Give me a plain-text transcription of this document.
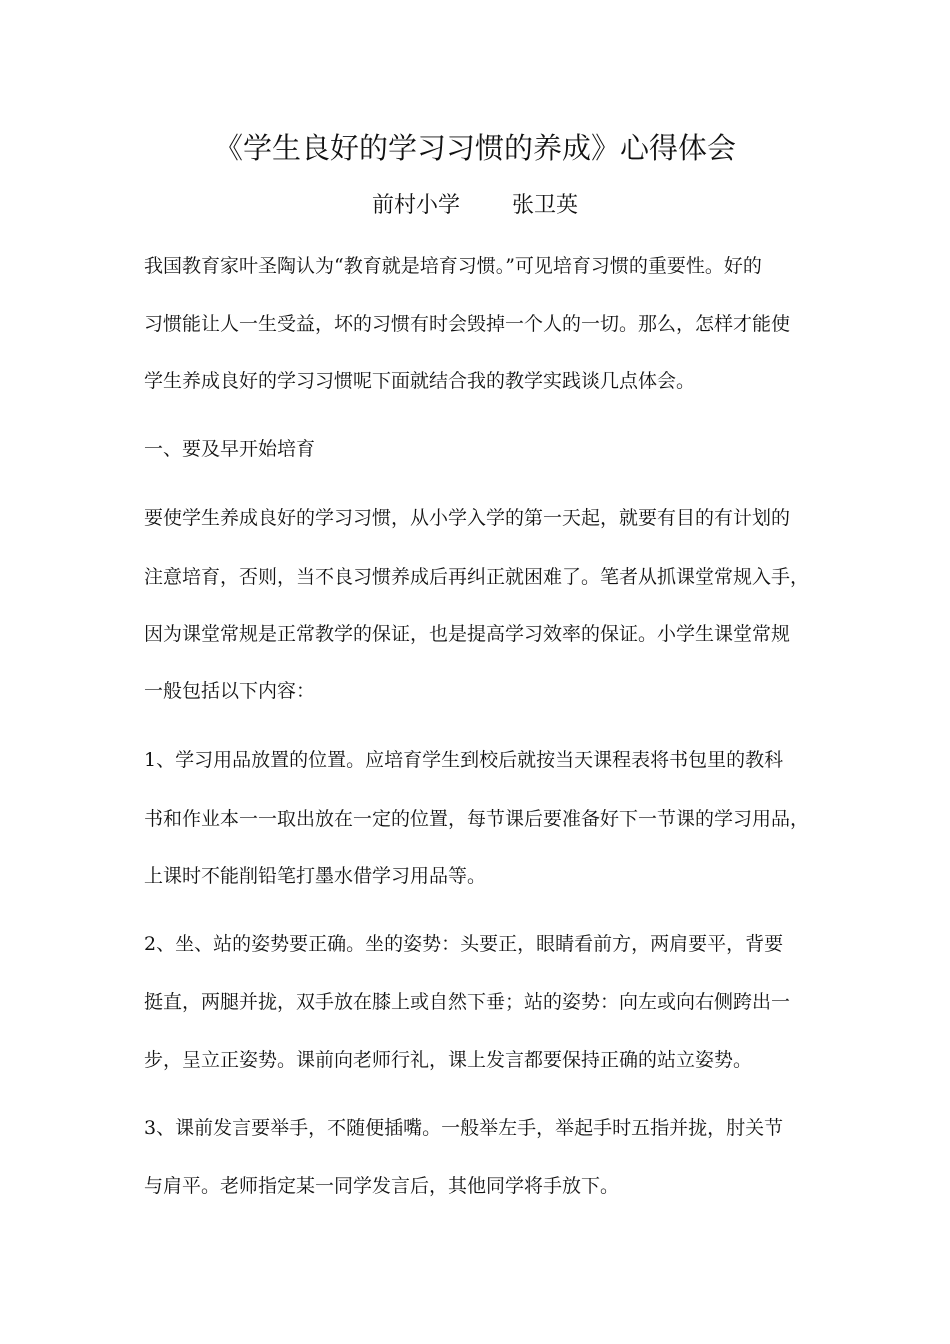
《学生良好的学习习惯的养成》心得体会
前村小学 张卫英
我国教育家叶圣陶认为“教育就是培育习惯。”可见培育习惯的重要性。好的
习惯能让人一生受益，坏的习惯有时会毁掉一个人的一切。那么，怎样才能使
学生养成良好的学习习惯呢下面就结合我的教学实践谈几点体会。
一、要及早开始培育
要使学生养成良好的学习习惯，从小学入学的第一天起，就要有目的有计划的
注意培育，否则，当不良习惯养成后再纠正就困难了。笔者从抓课堂常规入手，
因为课堂常规是正常教学的保证，也是提高学习效率的保证。小学生课堂常规
一般包括以下内容：
1、学习用品放置的位置。应培育学生到校后就按当天课程表将书包里的教科
书和作业本一一取出放在一定的位置，每节课后要准备好下一节课的学习用品，
上课时不能削铅笔打墨水借学习用品等。
2、坐、站的姿势要正确。坐的姿势：头要正，眼睛看前方，两肩要平，背要
挺直，两腿并拢，双手放在膝上或自然下垂；站的姿势：向左或向右侧跨出一
步，呈立正姿势。课前向老师行礼，课上发言都要保持正确的站立姿势。
3、课前发言要举手，不随便插嘴。一般举左手，举起手时五指并拢，肘关节
与肩平。老师指定某一同学发言后，其他同学将手放下。
